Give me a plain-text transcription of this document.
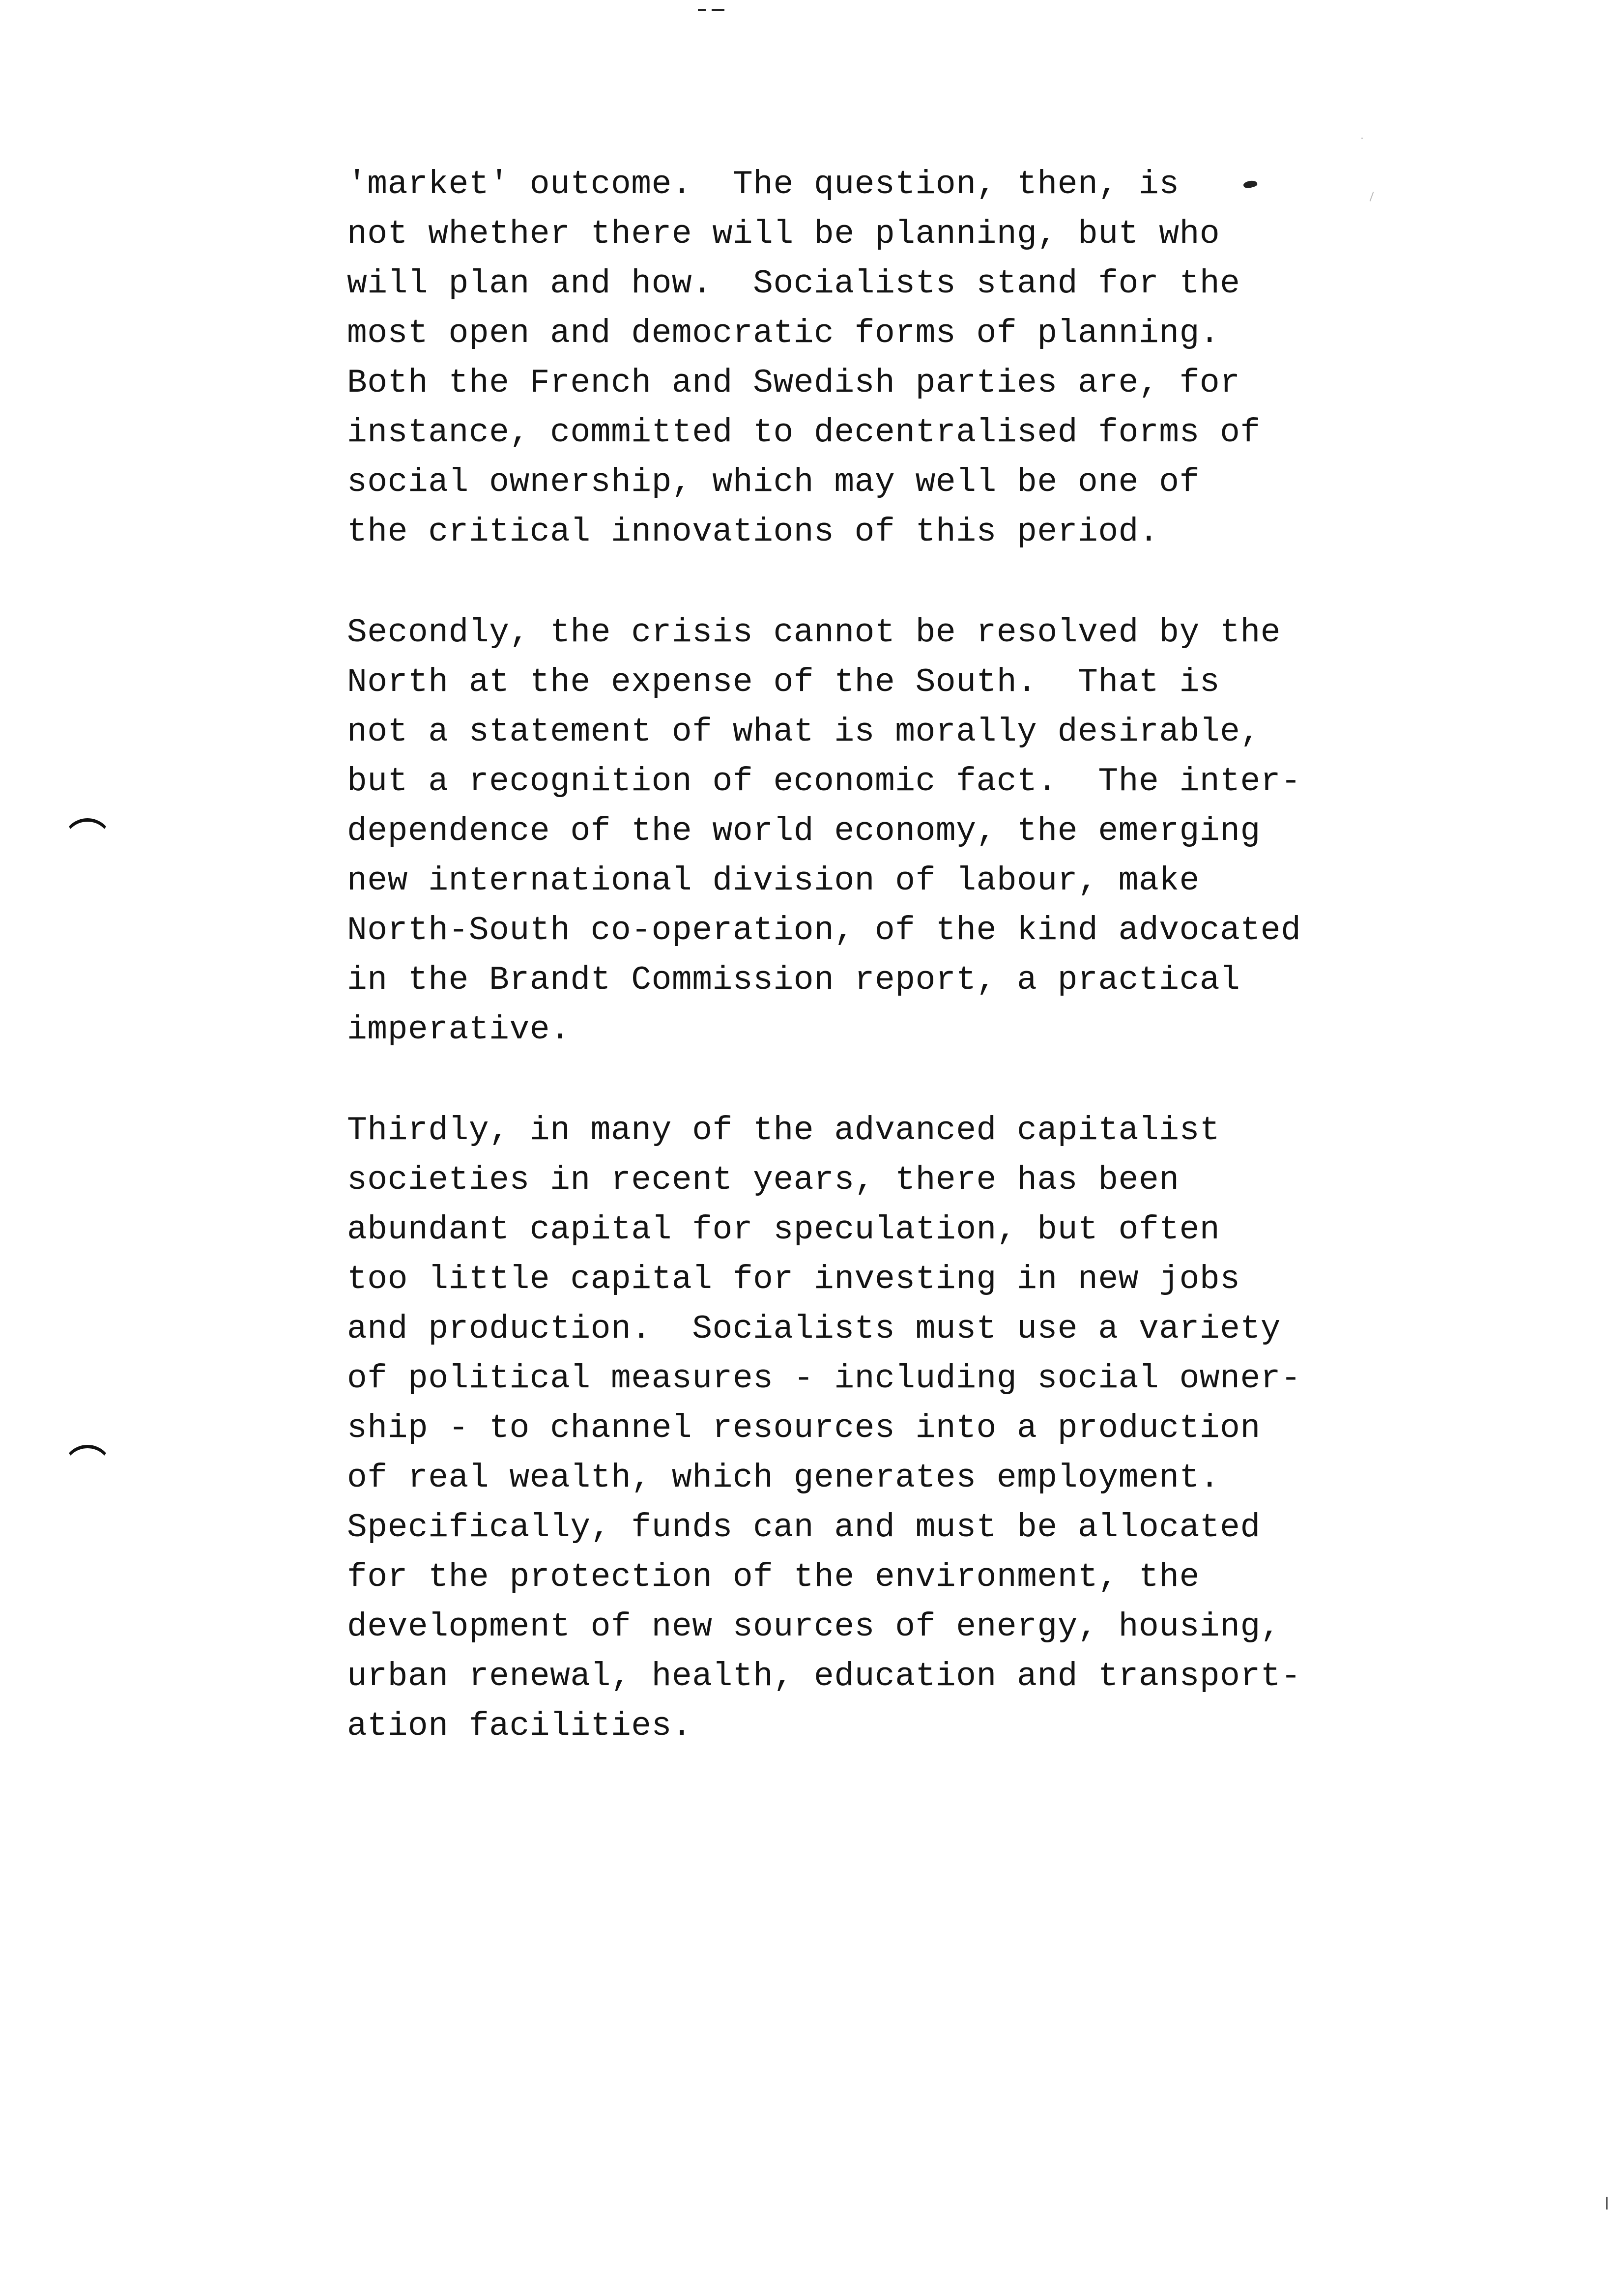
'market' outcome.  The question, then, is
not whether there will be planning, but who
will plan and how.  Socialists stand for the
most open and democratic forms of planning.
Both the French and Swedish parties are, for
instance, committed to decentralised forms of
social ownership, which may well be one of
the critical innovations of this period.
Secondly, the crisis cannot be resolved by the
North at the expense of the South.  That is
not a statement of what is morally desirable,
but a recognition of economic fact.  The inter-
dependence of the world economy, the emerging
new international division of labour, make
North-South co-operation, of the kind advocated
in the Brandt Commission report, a practical
imperative.
Thirdly, in many of the advanced capitalist
societies in recent years, there has been
abundant capital for speculation, but often
too little capital for investing in new jobs
and production.  Socialists must use a variety
of political measures - including social owner-
ship - to channel resources into a production
of real wealth, which generates employment.
Specifically, funds can and must be allocated
for the protection of the environment, the
development of new sources of energy, housing,
urban renewal, health, education and transport-
ation facilities.
